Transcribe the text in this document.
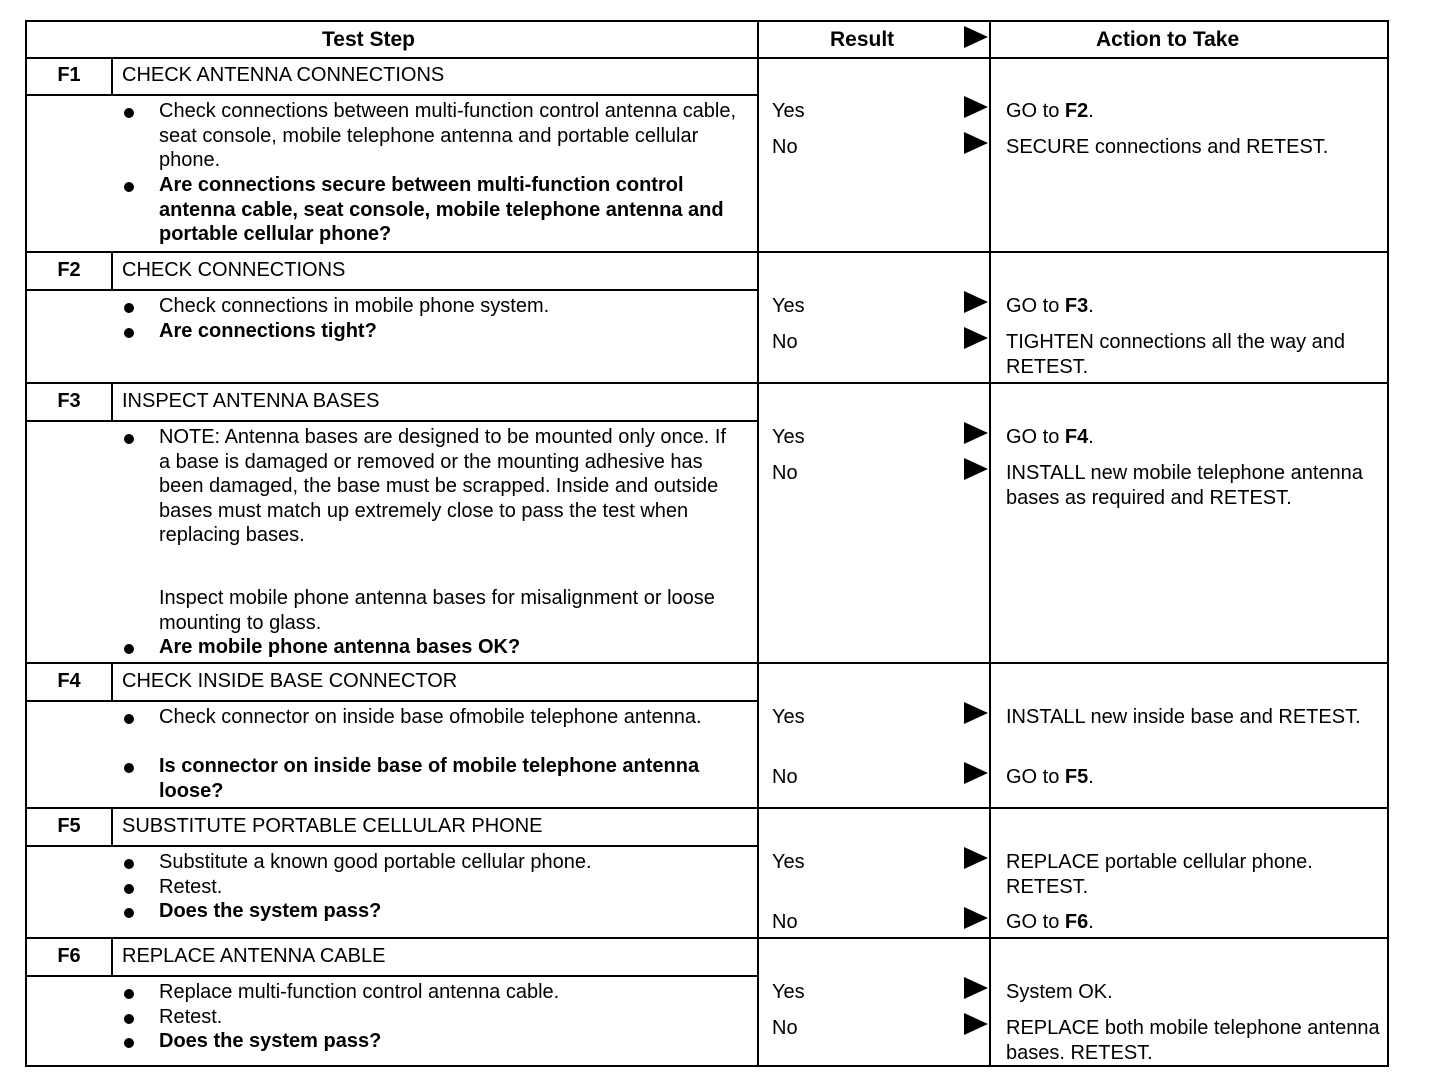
Test Step	Result	Action to Take
F1	CHECK ANTENNA CONNECTIONS
Check connections between multi-function control antenna cable, seat console, mobile telephone antenna and portable cellular phone.
Are connections secure between multi-function control antenna cable, seat console, mobile telephone antenna and portable cellular phone?
Yes	GO to F2.
No	SECURE connections and RETEST.
F2	CHECK CONNECTIONS
Check connections in mobile phone system.
Are connections tight?
Yes	GO to F3.
No	TIGHTEN connections all the way and RETEST.
F3	INSPECT ANTENNA BASES
NOTE: Antenna bases are designed to be mounted only once. If a base is damaged or removed or the mounting adhesive has been damaged, the base must be scrapped. Inside and outside bases must match up extremely close to pass the test when replacing bases.
Inspect mobile phone antenna bases for misalignment or loose mounting to glass.
Are mobile phone antenna bases OK?
Yes	GO to F4.
No	INSTALL new mobile telephone antenna bases as required and RETEST.
F4	CHECK INSIDE BASE CONNECTOR
Check connector on inside base ofmobile telephone antenna.
Is connector on inside base of mobile telephone antenna loose?
Yes	INSTALL new inside base and RETEST.
No	GO to F5.
F5	SUBSTITUTE PORTABLE CELLULAR PHONE
Substitute a known good portable cellular phone.
Retest.
Does the system pass?
Yes	REPLACE portable cellular phone. RETEST.
No	GO to F6.
F6	REPLACE ANTENNA CABLE
Replace multi-function control antenna cable.
Retest.
Does the system pass?
Yes	System OK.
No	REPLACE both mobile telephone antenna bases. RETEST.
